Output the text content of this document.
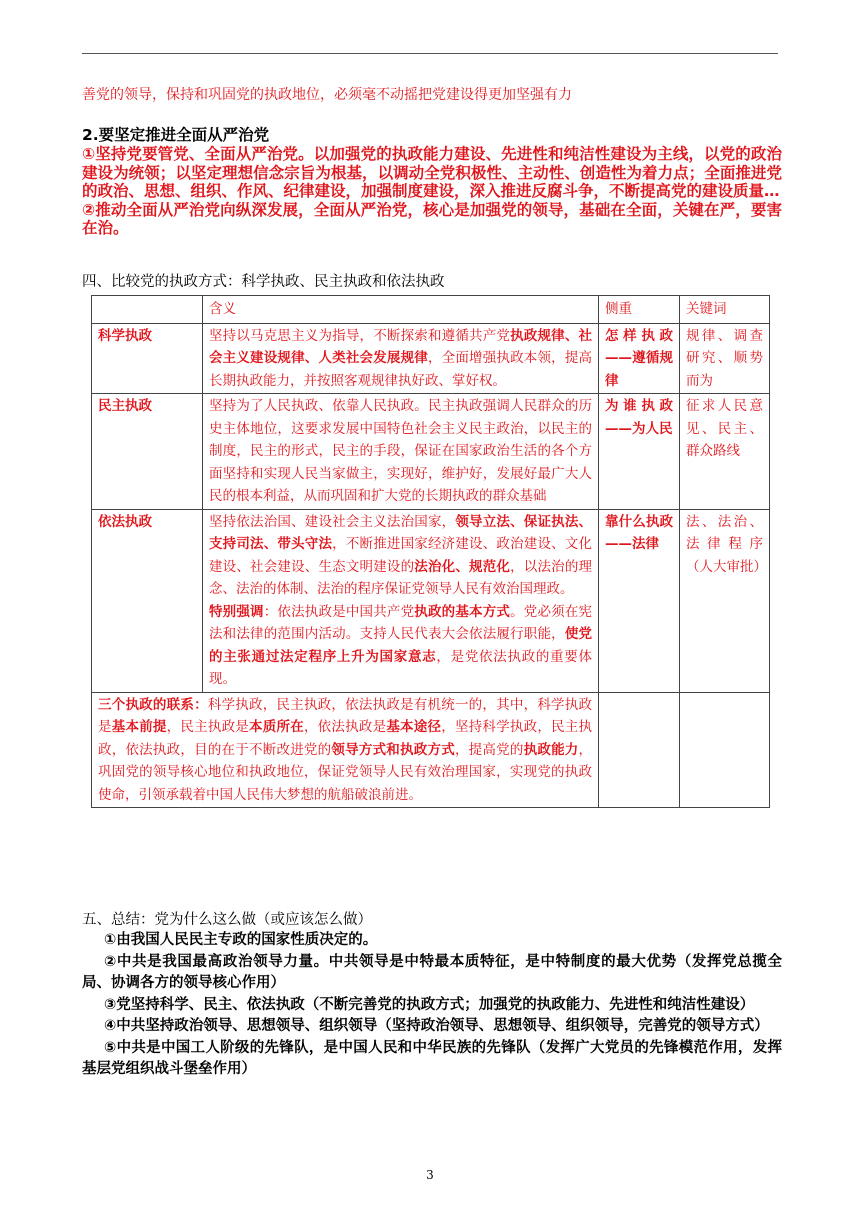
善党的领导，保持和巩固党的执政地位，必须毫不动摇把党建设得更加坚强有力
2.要坚定推进全面从严治党

①坚持党要管党、全面从严治党。以加强党的执政能力建设、先进性和纯洁性建设为主线，以党的政治建设为统领；以坚定理想信念宗旨为根基，以调动全党积极性、主动性、创造性为着力点；全面推进党的政治、思想、组织、作风、纪律建设，加强制度建设，深入推进反腐斗争，不断提高党的建设质量…

②推动全面从严治党向纵深发展，全面从严治党，核心是加强党的领导，基础在全面，关键在严，要害在治。

四、比较党的执政方式：科学执政、民主执政和依法执政
	含义	侧重	关键词
科学执政	坚持以马克思主义为指导，不断探索和遵循共产党执政规律、社会主义建设规律、人类社会发展规律，全面增强执政本领，提高长期执政能力，并按照客观规律执好政、掌好权。	怎样执政——遵循规律	规律、调查研究、顺势而为
民主执政	坚持为了人民执政、依靠人民执政。民主执政强调人民群众的历史主体地位，这要求发展中国特色社会主义民主政治，以民主的制度，民主的形式，民主的手段，保证在国家政治生活的各个方面坚持和实现人民当家做主，实现好，维护好，发展好最广大人民的根本利益，从而巩固和扩大党的长期执政的群众基础	为谁执政——为人民	征求人民意见、民主、群众路线
依法执政	坚持依法治国、建设社会主义法治国家，领导立法、保证执法、支持司法、带头守法，不断推进国家经济建设、政治建设、文化建设、社会建设、生态文明建设的法治化、规范化，以法治的理念、法治的体制、法治的程序保证党领导人民有效治国理政。
特别强调：依法执政是中国共产党执政的基本方式。党必须在宪法和法律的范围内活动。支持人民代表大会依法履行职能，使党的主张通过法定程序上升为国家意志，是党依法执政的重要体现。	靠什么执政——法律	法、法治、法律程序（人大审批）
三个执政的联系：科学执政，民主执政，依法执政是有机统一的，其中，科学执政是基本前提，民主执政是本质所在，依法执政是基本途径，坚持科学执政，民主执政，依法执政，目的在于不断改进党的领导方式和执政方式，提高党的执政能力，巩固党的领导核心地位和执政地位，保证党领导人民有效治理国家，实现党的执政使命，引领承载着中国人民伟大梦想的航船破浪前进。			
五、总结：党为什么这么做（或应该怎么做）

①由我国人民民主专政的国家性质决定的。

②中共是我国最高政治领导力量。中共领导是中特最本质特征，是中特制度的最大优势（发挥党总揽全局、协调各方的领导核心作用）

③党坚持科学、民主、依法执政（不断完善党的执政方式；加强党的执政能力、先进性和纯洁性建设）

④中共坚持政治领导、思想领导、组织领导（坚持政治领导、思想领导、组织领导，完善党的领导方式）

⑤中共是中国工人阶级的先锋队，是中国人民和中华民族的先锋队（发挥广大党员的先锋模范作用，发挥基层党组织战斗堡垒作用）

3
